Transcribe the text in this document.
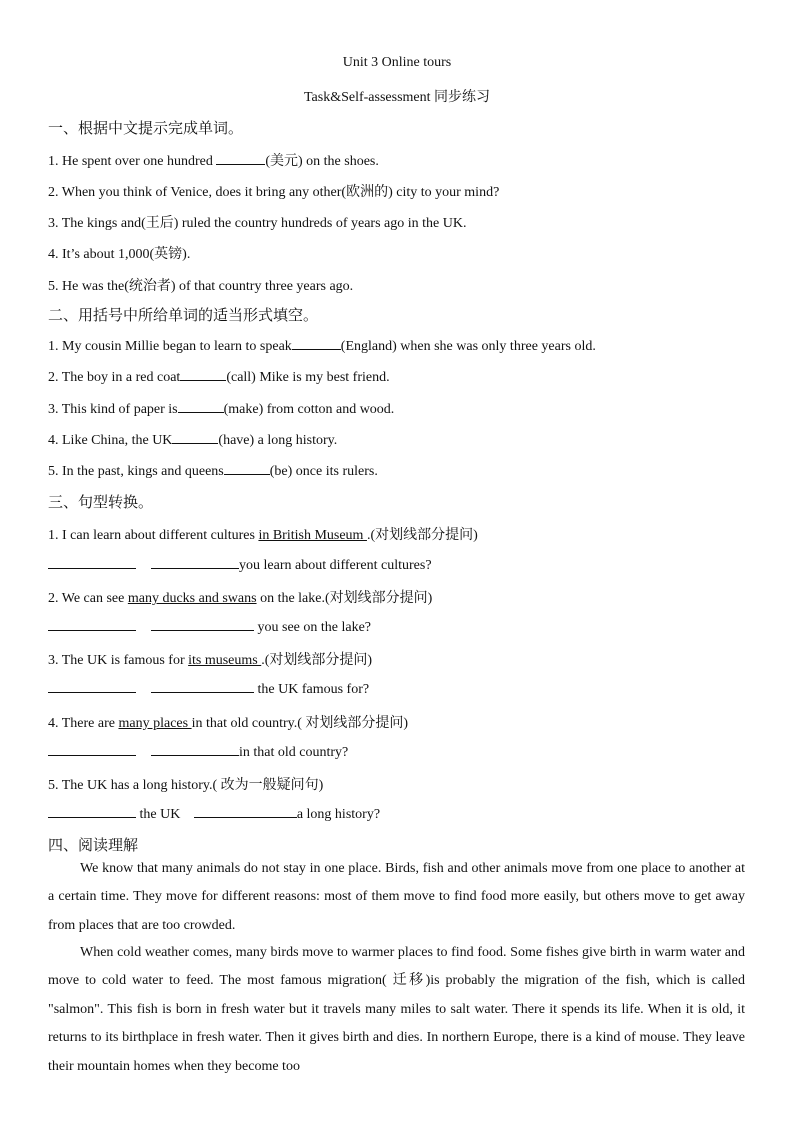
Unit 3 Online tours
Task&Self-assessment 同步练习
一、根据中文提示完成单词。
1. He spent over one hundred	(美元) on the shoes.
2. When you think of Venice, does it bring any other(欧洲的) city to your mind?
3. The kings and(王后) ruled the country hundreds of years ago in the UK.
4. It’s about 1,000(英镑).
5. He was the(统治者) of that country three years ago.
二、用括号中所给单词的适当形式填空。
1. My cousin Millie began to learn to speak	(England) when she was only three years old.
2. The boy in a red coat	(call) Mike is my best friend.
3. This kind of paper is	(make) from cotton and wood.
4. Like China, the UK	(have) a long history.
5. In the past, kings and queens	(be) once its rulers.
三、句型转换。
1. I can learn about different cultures in British Museum .(对划线部分提问)
you learn about different cultures?
2. We can see many ducks and swans on the lake.(对划线部分提问)
you see on the lake?
3. The UK is famous for its museums .(对划线部分提问)
the UK famous for?
4. There are many places in that old country.( 对划线部分提问)
in that old country?
5. The UK has a long history.( 改为一般疑问句)
the UK	a long history?
四、阅读理解

We know that many animals do not stay in one place. Birds, fish and other animals move from one place to another at a certain time. They move for different reasons: most of them move to find food more easily, but others move to get away from places that are too crowded.

When cold weather comes, many birds move to warmer places to find food. Some fishes give birth in warm water and move to cold water to feed. The most famous migration( 迁移)is probably the migration of the fish, which is called "salmon". This fish is born in fresh water but it travels many miles to salt water. There it spends its life. When it is old, it returns to its birthplace in fresh water. Then it gives birth and dies. In northern Europe, there is a kind of mouse. They leave their mountain homes when they become too
